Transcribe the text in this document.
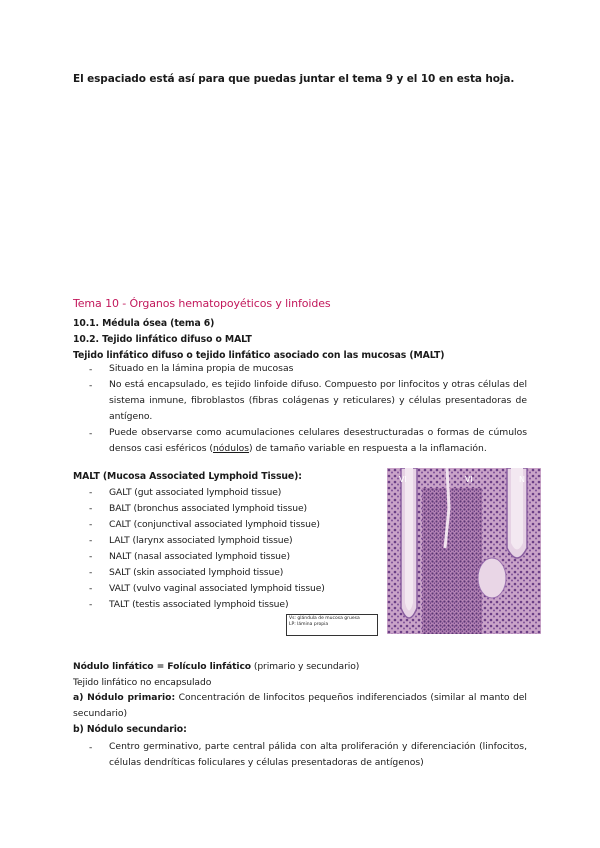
El espaciado está así para que puedas juntar el tema 9 y el 10 en esta hoja.
Tema 10 - Órganos hematopoyéticos y linfoides
10.1. Médula ósea (tema 6)
10.2. Tejido linfático difuso o MALT
Tejido linfático difuso o tejido linfático asociado con las mucosas (MALT)
-	Situado en la lámina propia de mucosas
-	No está encapsulado, es tejido linfoide difuso. Compuesto por linfocitos y otras células del sistema inmune, fibroblastos (fibras colágenas y reticulares) y células presentadoras de antígeno.
-	Puede observarse como acumulaciones celulares desestructuradas o formas de cúmulos densos casi esféricos (nódulos) de tamaño variable en respuesta a la inflamación.
MALT (Mucosa Associated Lymphoid Tissue):
- GALT (gut associated lymphoid tissue)
- BALT (bronchus associated lymphoid tissue)
- CALT (conjunctival associated lymphoid tissue)
- LALT (larynx associated lymphoid tissue)
- NALT (nasal associated lymphoid tissue)
- SALT (skin associated lymphoid tissue)
- VALT (vulvo vaginal associated lymphoid tissue)
- TALT (testis associated lymphoid tissue)
Vl	Vl	N
Vs: glándula de mucosa gruesa
LP: lámina propia
Nódulo linfático = Folículo linfático (primario y secundario)
Tejido linfático no encapsulado
a) Nódulo primario: Concentración de linfocitos pequeños indiferenciados (similar al manto del secundario)
b) Nódulo secundario:
-	Centro germinativo, parte central pálida con alta proliferación y diferenciación (linfocitos, células dendríticas foliculares y células presentadoras de antígenos)
